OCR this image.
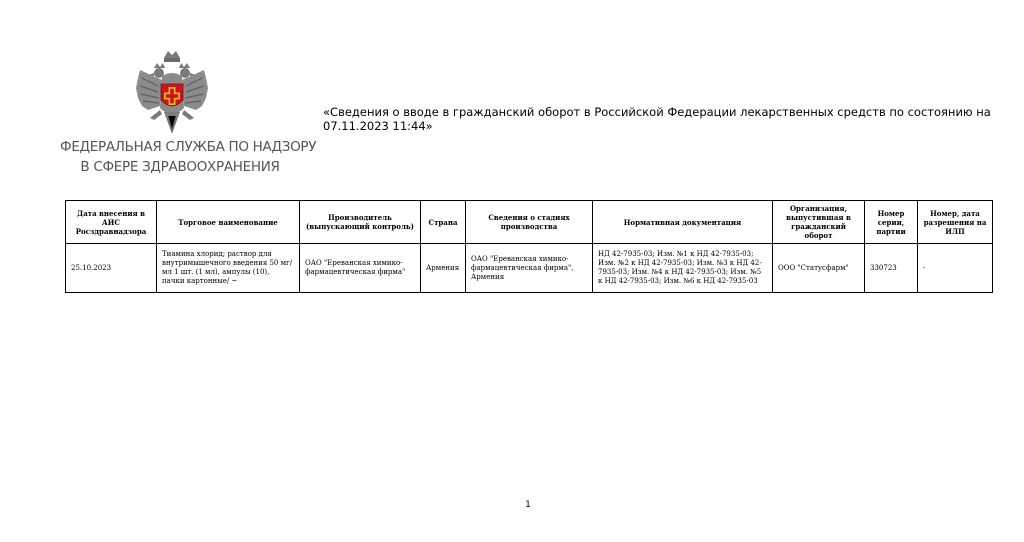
ФЕДЕРАЛЬНАЯ СЛУЖБА ПО НАДЗОРУ
В СФЕРЕ ЗДРАВООХРАНЕНИЯ
«Сведения о вводе в гражданский оборот в Российской Федерации лекарственных средств по состоянию на 07.11.2023 11:44»
Дата внесения в АИС Росздравнадзора	Торговое наименование	Производитель (выпускающий контроль)	Страна	Сведения о стадиях производства	Нормативная документация	Организация, выпустившая в гражданский оборот	Номер серии, партии	Номер, дата разрешения на ИЛП
25.10.2023	Тиамина хлорид; раствор для внутримышечного введения 50 мг/мл 1 шт. (1 мл), ампулы (10), пачки картонные/ ~	ОАО "Ереванская химико-фармацевтическая фирма"	Армения	ОАО "Ереванская химико-фармацевтическая фирма", Армения	НД 42-7935-03; Изм. №1 к НД 42-7935-03; Изм. №2 к НД 42-7935-03; Изм. №3 к НД 42-7935-03; Изм. №4 к НД 42-7935-03; Изм. №5 к НД 42-7935-03; Изм. №6 к НД 42-7935-03	ООО "Статусфарм"	330723	-
1
